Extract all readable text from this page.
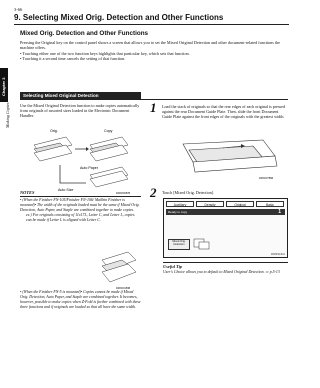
3-66
9. Selecting Mixed Orig. Detection and Other Functions
Chapter 3
Making Copies
Mixed Orig. Detection and Other Functions

Pressing the Original key on the control panel shows a screen that allows you to set the Mixed Original Detection and other document-related functions the machine offers.

• Touching either one of the two function keys highlights that particular key, which sets that function.

• Touching it a second time cancels the setting of that function.

Selecting Mixed Original Detection
Use the Mixed Original Detection function to make copies automatically from originals of assorted sizes loaded in the Electronic Document Handler.
Orig.	Copy
Auto Paper
Auto Size
4663O0057B
NOTES
• (When the Finisher FN-105/Finisher FN-106/ Mailbin Finisher is mounted)• The width of the originals loaded must be the same if Mixed Orig. Detection, Auto Paper, and Staple are combined together to make copies.
ex.) For originals consisting of 11x17L, Letter C, and Letter L, copies can be made if Letter L is aligned with Letter C.
4663O0153B
• (When the Finisher FN-5 is mounted)• Copies cannot be made if Mixed Orig. Detection, Auto Paper, and Staple are combined together. It becomes, however, possible to make copies when Z-Fold is further combined with these three functions and if originals are loaded so that all have the same width.
1 Load the stack of originals so that the rear edges of each original is pressed against the rear Document Guide Plate. Then, slide the front Document Guide Plate against the front edges of the originals with the greatest width.
4663O0756B
2 Touch [Mixed Orig. Detection].
Auxiliary	Density	Original	Basic
Ready to copy	1
Mixed Orig. Detection
4663P113CA
Useful Tip
User's Choice allows you to default to Mixed Original Detection. ⇒ p.5-13
